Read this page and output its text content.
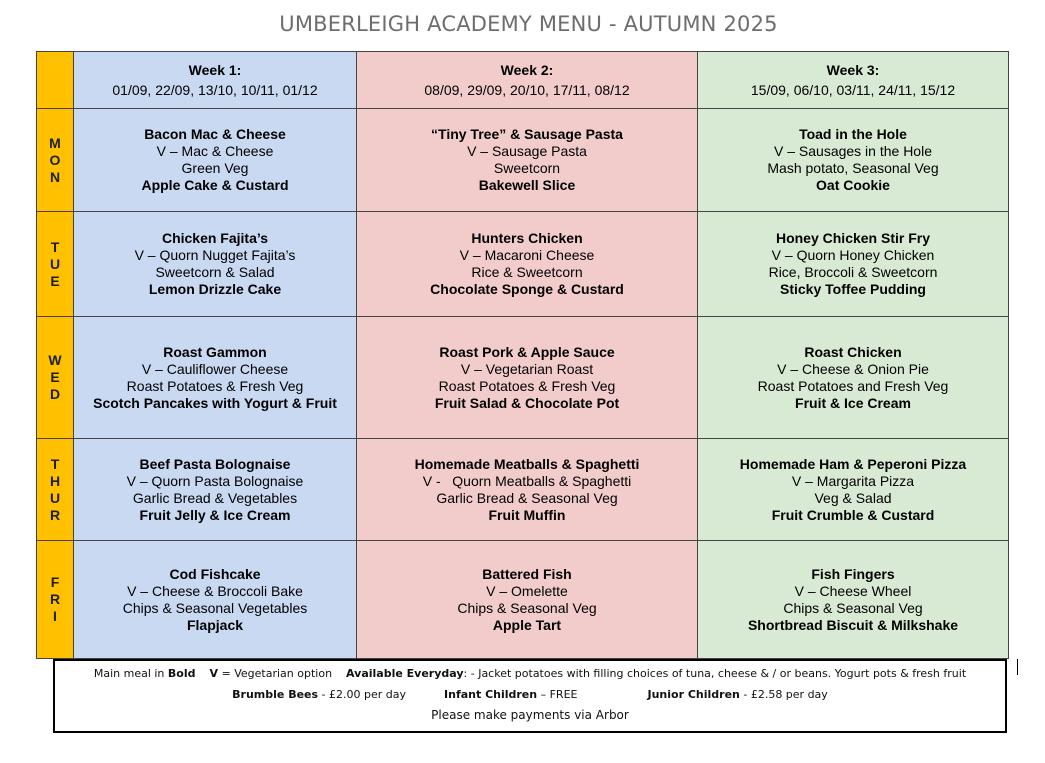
UMBERLEIGH ACADEMY MENU - AUTUMN 2025

	Week 1:
01/09, 22/09, 13/10, 10/11, 01/12	Week 2:
08/09, 29/09, 20/10, 17/11, 08/12	Week 3:
15/09, 06/10, 03/11, 24/11, 15/12

M
O
N	Bacon Mac & Cheese
V – Mac & Cheese
Green Veg
Apple Cake & Custard	“Tiny Tree” & Sausage Pasta
V – Sausage Pasta
Sweetcorn
Bakewell Slice	Toad in the Hole
V – Sausages in the Hole
Mash potato, Seasonal Veg
Oat Cookie

T
U
E	Chicken Fajita’s
V – Quorn Nugget Fajita’s
Sweetcorn & Salad
Lemon Drizzle Cake	Hunters Chicken
V – Macaroni Cheese
Rice & Sweetcorn
Chocolate Sponge & Custard	Honey Chicken Stir Fry
V – Quorn Honey Chicken
Rice, Broccoli & Sweetcorn
Sticky Toffee Pudding

W
E
D	Roast Gammon
V – Cauliflower Cheese
Roast Potatoes & Fresh Veg
Scotch Pancakes with Yogurt & Fruit	Roast Pork & Apple Sauce
V – Vegetarian Roast
Roast Potatoes & Fresh Veg
Fruit Salad & Chocolate Pot	Roast Chicken
V – Cheese & Onion Pie
Roast Potatoes and Fresh Veg
Fruit & Ice Cream

T
H
U
R	Beef Pasta Bolognaise
V – Quorn Pasta Bolognaise
Garlic Bread & Vegetables
Fruit Jelly & Ice Cream	Homemade Meatballs & Spaghetti
V -   Quorn Meatballs & Spaghetti
Garlic Bread & Seasonal Veg
Fruit Muffin	Homemade Ham & Peperoni Pizza
V – Margarita Pizza
Veg & Salad
Fruit Crumble & Custard

F
R
I	Cod Fishcake
V – Cheese & Broccoli Bake
Chips & Seasonal Vegetables
Flapjack	Battered Fish
V – Omelette
Chips & Seasonal Veg
Apple Tart	Fish Fingers
V – Cheese Wheel
Chips & Seasonal Veg
Shortbread Biscuit & Milkshake
Main meal in Bold V = Vegetarian option Available Everyday: - Jacket potatoes with filling choices of tuna, cheese & / or beans. Yogurt pots & fresh fruit
Brumble Bees - £2.00 per day	Infant Children – FREE	Junior Children - £2.58 per day
Please make payments via Arbor
